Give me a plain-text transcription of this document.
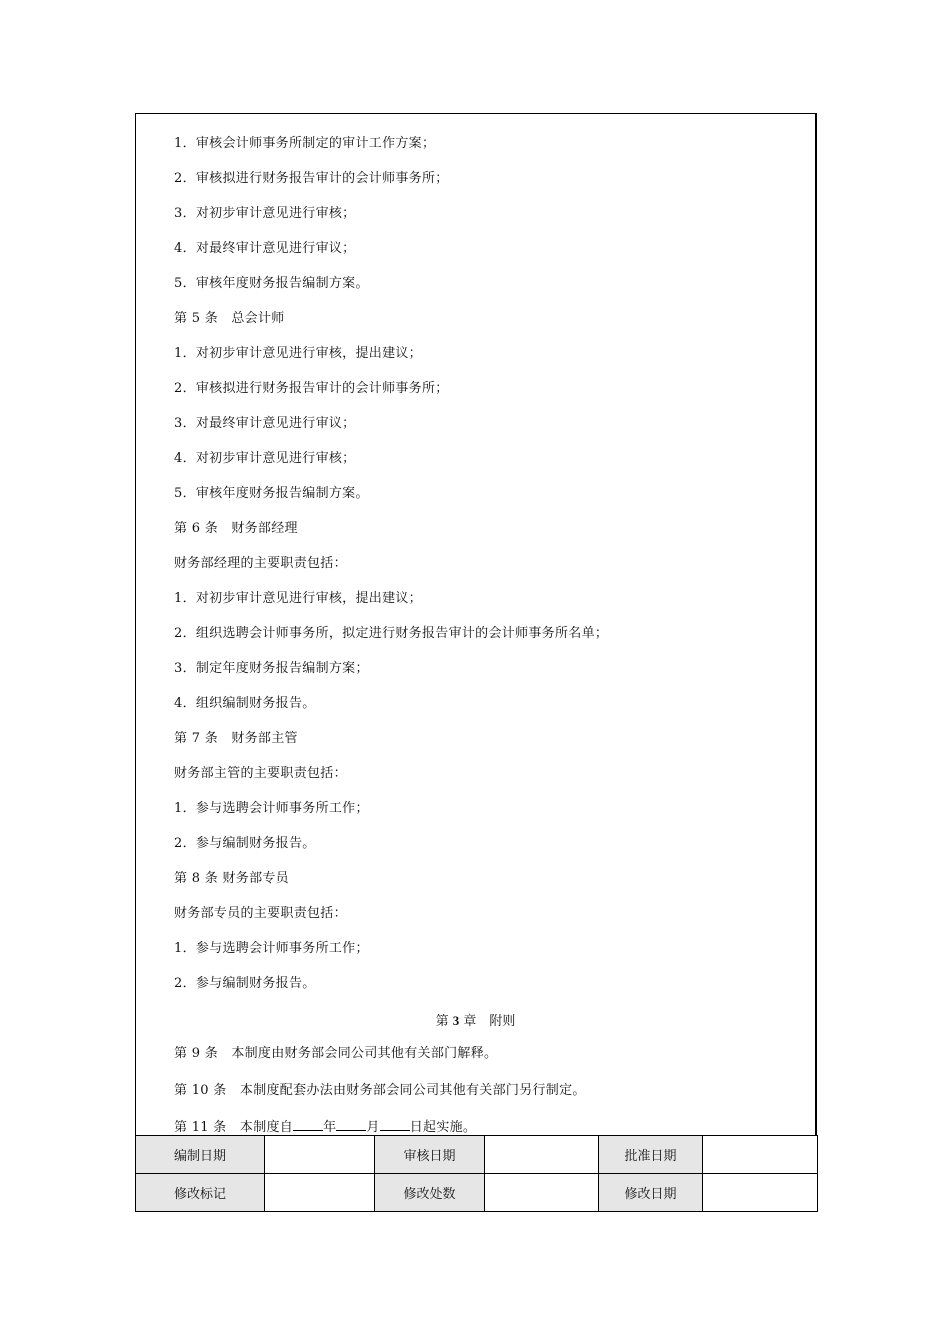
第 3 章　附则
第 11 条　本制度自 年 月 日起实施。
1．审核会计师事务所制定的审计工作方案；
2．审核拟进行财务报告审计的会计师事务所；
3．对初步审计意见进行审核；
4．对最终审计意见进行审议；
5．审核年度财务报告编制方案。
第 5 条　总会计师
1．对初步审计意见进行审核，提出建议；
2．审核拟进行财务报告审计的会计师事务所；
3．对最终审计意见进行审议；
4．对初步审计意见进行审核；
5．审核年度财务报告编制方案。
第 6 条　财务部经理
财务部经理的主要职责包括：
1．对初步审计意见进行审核，提出建议；
2．组织选聘会计师事务所，拟定进行财务报告审计的会计师事务所名单；
3．制定年度财务报告编制方案；
4．组织编制财务报告。
第 7 条　财务部主管
财务部主管的主要职责包括：
1．参与选聘会计师事务所工作；
2．参与编制财务报告。
第 8 条 财务部专员
财务部专员的主要职责包括：
1．参与选聘会计师事务所工作；
2．参与编制财务报告。
第 9 条　本制度由财务部会同公司其他有关部门解释。
第 10 条　本制度配套办法由财务部会同公司其他有关部门另行制定。
编制日期		审核日期		批准日期	
修改标记		修改处数		修改日期	
